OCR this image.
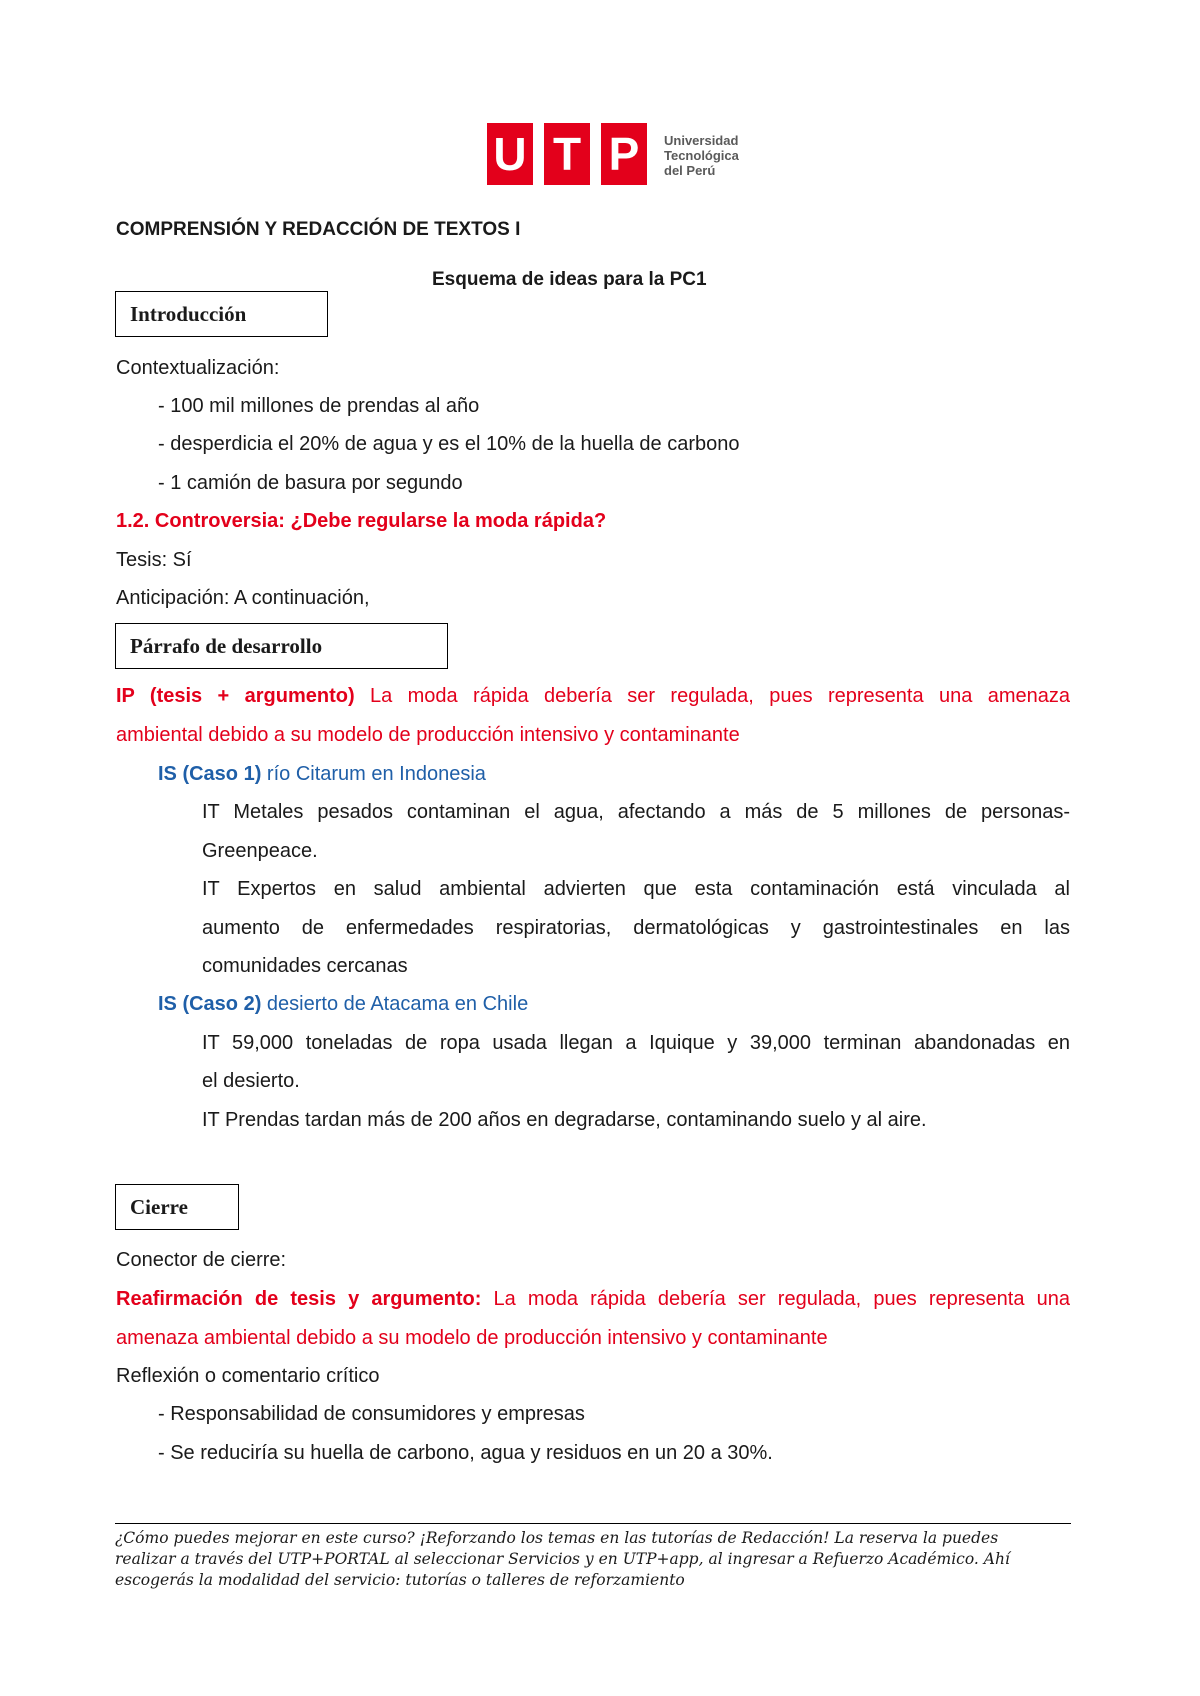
U T P	Universidad
Tecnológica
del Perú
COMPRENSIÓN Y REDACCIÓN DE TEXTOS I
Esquema de ideas para la PC1
Introducción
Contextualización:
- 100 mil millones de prendas al año
- desperdicia el 20% de agua y es el 10% de la huella de carbono
- 1 camión de basura por segundo
1.2. Controversia: ¿Debe regularse la moda rápida?
Tesis: Sí
Anticipación: A continuación,
Párrafo de desarrollo
IP (tesis + argumento) La moda rápida debería ser regulada, pues representa una amenaza
ambiental debido a su modelo de producción intensivo y contaminante
IS (Caso 1) río Citarum en Indonesia
IT Metales pesados contaminan el agua, afectando a más de 5 millones de personas-
Greenpeace.
IT Expertos en salud ambiental advierten que esta contaminación está vinculada al
aumento de enfermedades respiratorias, dermatológicas y gastrointestinales en las
comunidades cercanas
IS (Caso 2) desierto de Atacama en Chile
IT 59,000 toneladas de ropa usada llegan a Iquique y 39,000 terminan abandonadas en
el desierto.
IT Prendas tardan más de 200 años en degradarse, contaminando suelo y al aire.
Cierre
Conector de cierre:
Reafirmación de tesis y argumento: La moda rápida debería ser regulada, pues representa una
amenaza ambiental debido a su modelo de producción intensivo y contaminante
Reflexión o comentario crítico
- Responsabilidad de consumidores y empresas
- Se reduciría su huella de carbono, agua y residuos en un 20 a 30%.
¿Cómo puedes mejorar en este curso? ¡Reforzando los temas en las tutorías de Redacción! La reserva la puedes
realizar a través del UTP+PORTAL al seleccionar Servicios y en UTP+app, al ingresar a Refuerzo Académico. Ahí
escogerás la modalidad del servicio: tutorías o talleres de reforzamiento
